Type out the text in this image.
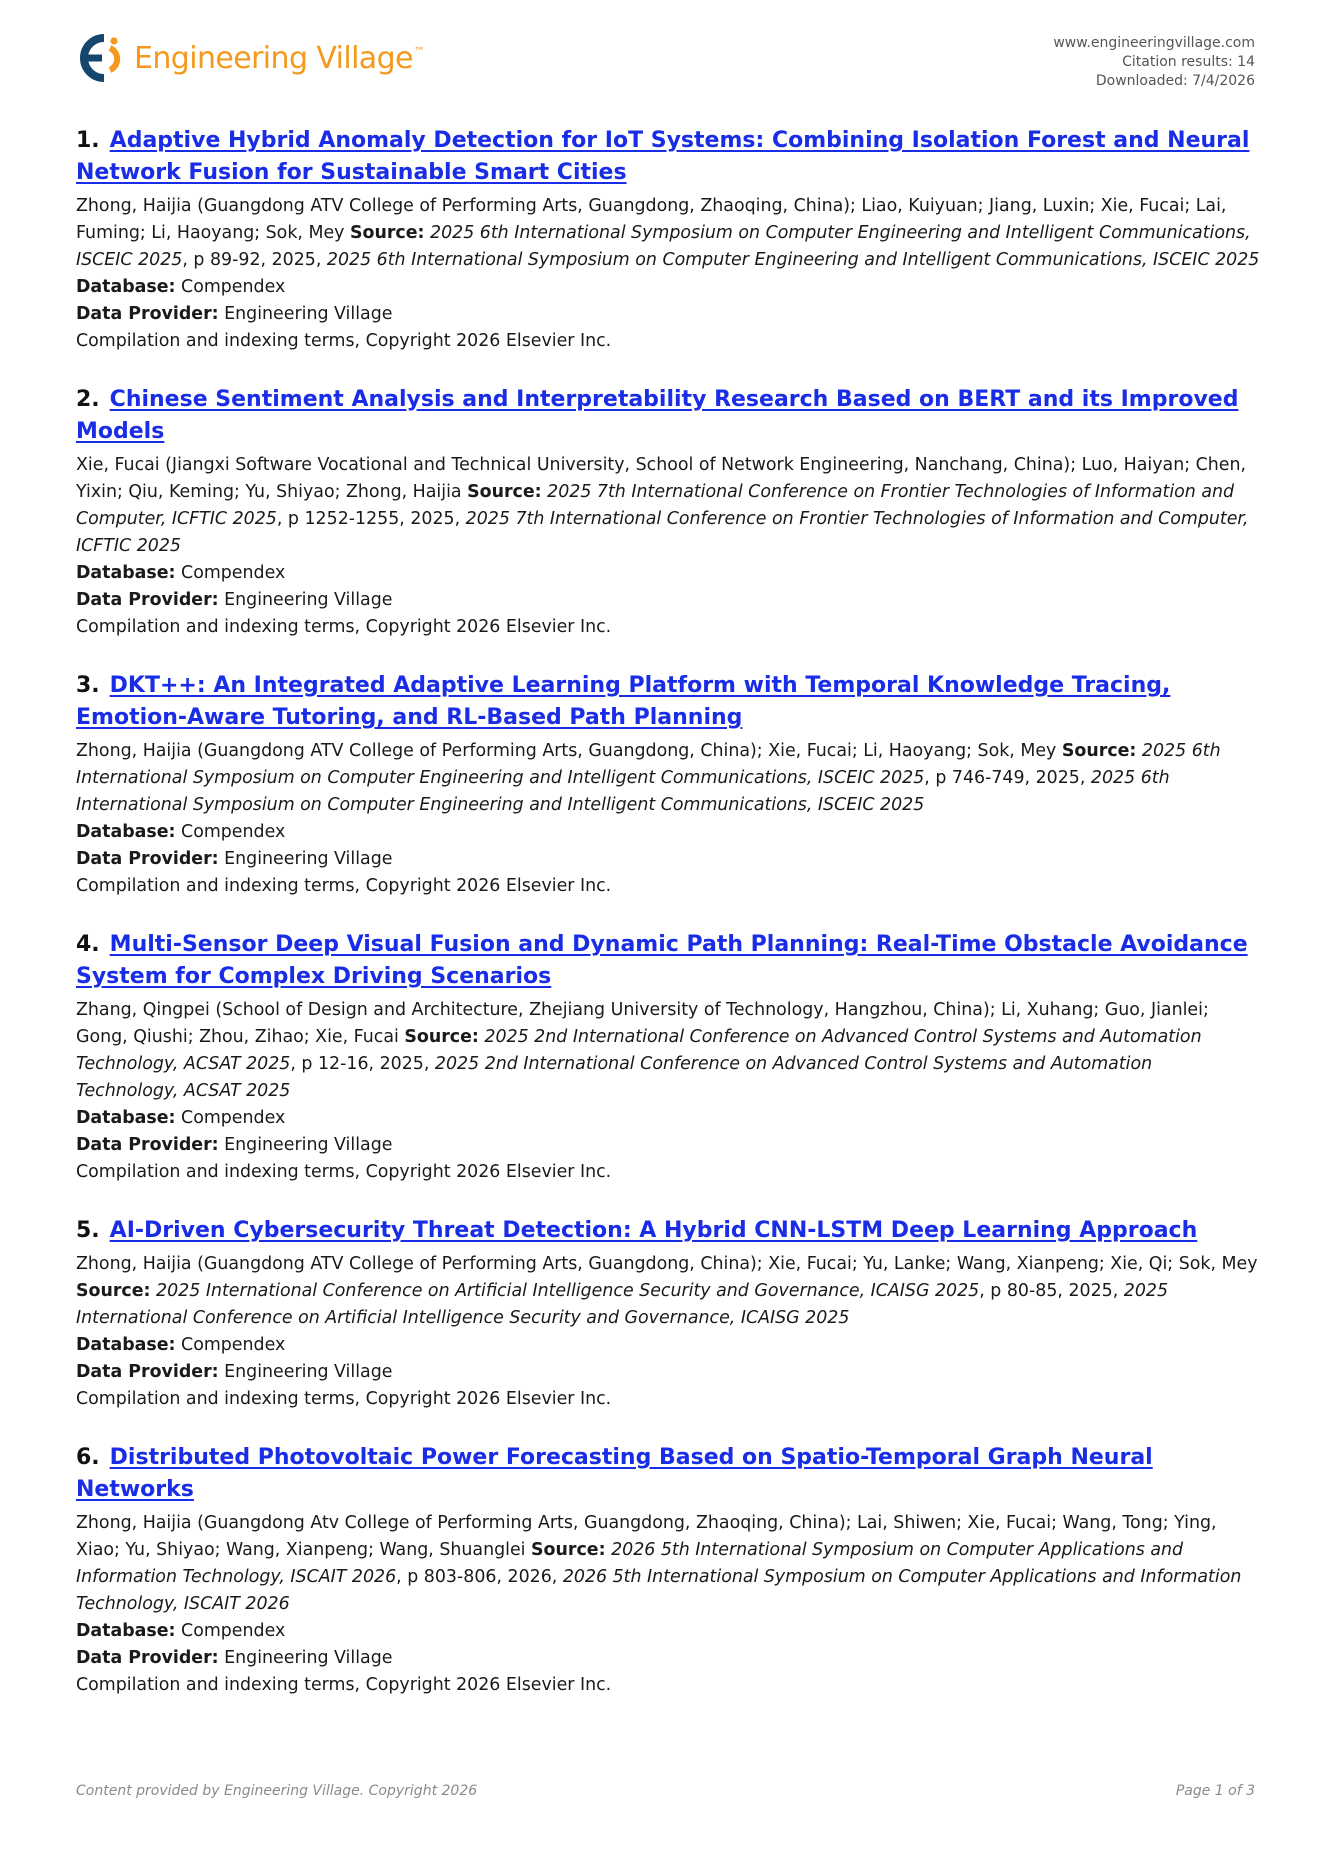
Engineering Village™	www.engineeringvillage.com
Citation results: 14
Downloaded: 7/4/2026
1. Adaptive Hybrid Anomaly Detection for IoT Systems: Combining Isolation Forest and Neural Network Fusion for Sustainable Smart Cities
Zhong, Haijia (Guangdong ATV College of Performing Arts, Guangdong, Zhaoqing, China); Liao, Kuiyuan; Jiang, Luxin; Xie, Fucai; Lai, Fuming; Li, Haoyang; Sok, Mey Source: 2025 6th International Symposium on Computer Engineering and Intelligent Communications, ISCEIC 2025, p 89-92, 2025, 2025 6th International Symposium on Computer Engineering and Intelligent Communications, ISCEIC 2025
Database: Compendex
Data Provider: Engineering Village
Compilation and indexing terms, Copyright 2026 Elsevier Inc.
2. Chinese Sentiment Analysis and Interpretability Research Based on BERT and its Improved Models
Xie, Fucai (Jiangxi Software Vocational and Technical University, School of Network Engineering, Nanchang, China); Luo, Haiyan; Chen, Yixin; Qiu, Keming; Yu, Shiyao; Zhong, Haijia Source: 2025 7th International Conference on Frontier Technologies of Information and Computer, ICFTIC 2025, p 1252-1255, 2025, 2025 7th International Conference on Frontier Technologies of Information and Computer, ICFTIC 2025
Database: Compendex
Data Provider: Engineering Village
Compilation and indexing terms, Copyright 2026 Elsevier Inc.
3. DKT++: An Integrated Adaptive Learning Platform with Temporal Knowledge Tracing, Emotion-Aware Tutoring, and RL-Based Path Planning
Zhong, Haijia (Guangdong ATV College of Performing Arts, Guangdong, China); Xie, Fucai; Li, Haoyang; Sok, Mey Source: 2025 6th International Symposium on Computer Engineering and Intelligent Communications, ISCEIC 2025, p 746-749, 2025, 2025 6th International Symposium on Computer Engineering and Intelligent Communications, ISCEIC 2025
Database: Compendex
Data Provider: Engineering Village
Compilation and indexing terms, Copyright 2026 Elsevier Inc.
4. Multi-Sensor Deep Visual Fusion and Dynamic Path Planning: Real-Time Obstacle Avoidance System for Complex Driving Scenarios
Zhang, Qingpei (School of Design and Architecture, Zhejiang University of Technology, Hangzhou, China); Li, Xuhang; Guo, Jianlei; Gong, Qiushi; Zhou, Zihao; Xie, Fucai Source: 2025 2nd International Conference on Advanced Control Systems and Automation Technology, ACSAT 2025, p 12-16, 2025, 2025 2nd International Conference on Advanced Control Systems and Automation Technology, ACSAT 2025
Database: Compendex
Data Provider: Engineering Village
Compilation and indexing terms, Copyright 2026 Elsevier Inc.
5. AI-Driven Cybersecurity Threat Detection: A Hybrid CNN-LSTM Deep Learning Approach
Zhong, Haijia (Guangdong ATV College of Performing Arts, Guangdong, China); Xie, Fucai; Yu, Lanke; Wang, Xianpeng; Xie, Qi; Sok, Mey Source: 2025 International Conference on Artificial Intelligence Security and Governance, ICAISG 2025, p 80-85, 2025, 2025 International Conference on Artificial Intelligence Security and Governance, ICAISG 2025
Database: Compendex
Data Provider: Engineering Village
Compilation and indexing terms, Copyright 2026 Elsevier Inc.
6. Distributed Photovoltaic Power Forecasting Based on Spatio-Temporal Graph Neural Networks
Zhong, Haijia (Guangdong Atv College of Performing Arts, Guangdong, Zhaoqing, China); Lai, Shiwen; Xie, Fucai; Wang, Tong; Ying, Xiao; Yu, Shiyao; Wang, Xianpeng; Wang, Shuanglei Source: 2026 5th International Symposium on Computer Applications and Information Technology, ISCAIT 2026, p 803-806, 2026, 2026 5th International Symposium on Computer Applications and Information Technology, ISCAIT 2026
Database: Compendex
Data Provider: Engineering Village
Compilation and indexing terms, Copyright 2026 Elsevier Inc.
Content provided by Engineering Village. Copyright 2026	Page 1 of 3
